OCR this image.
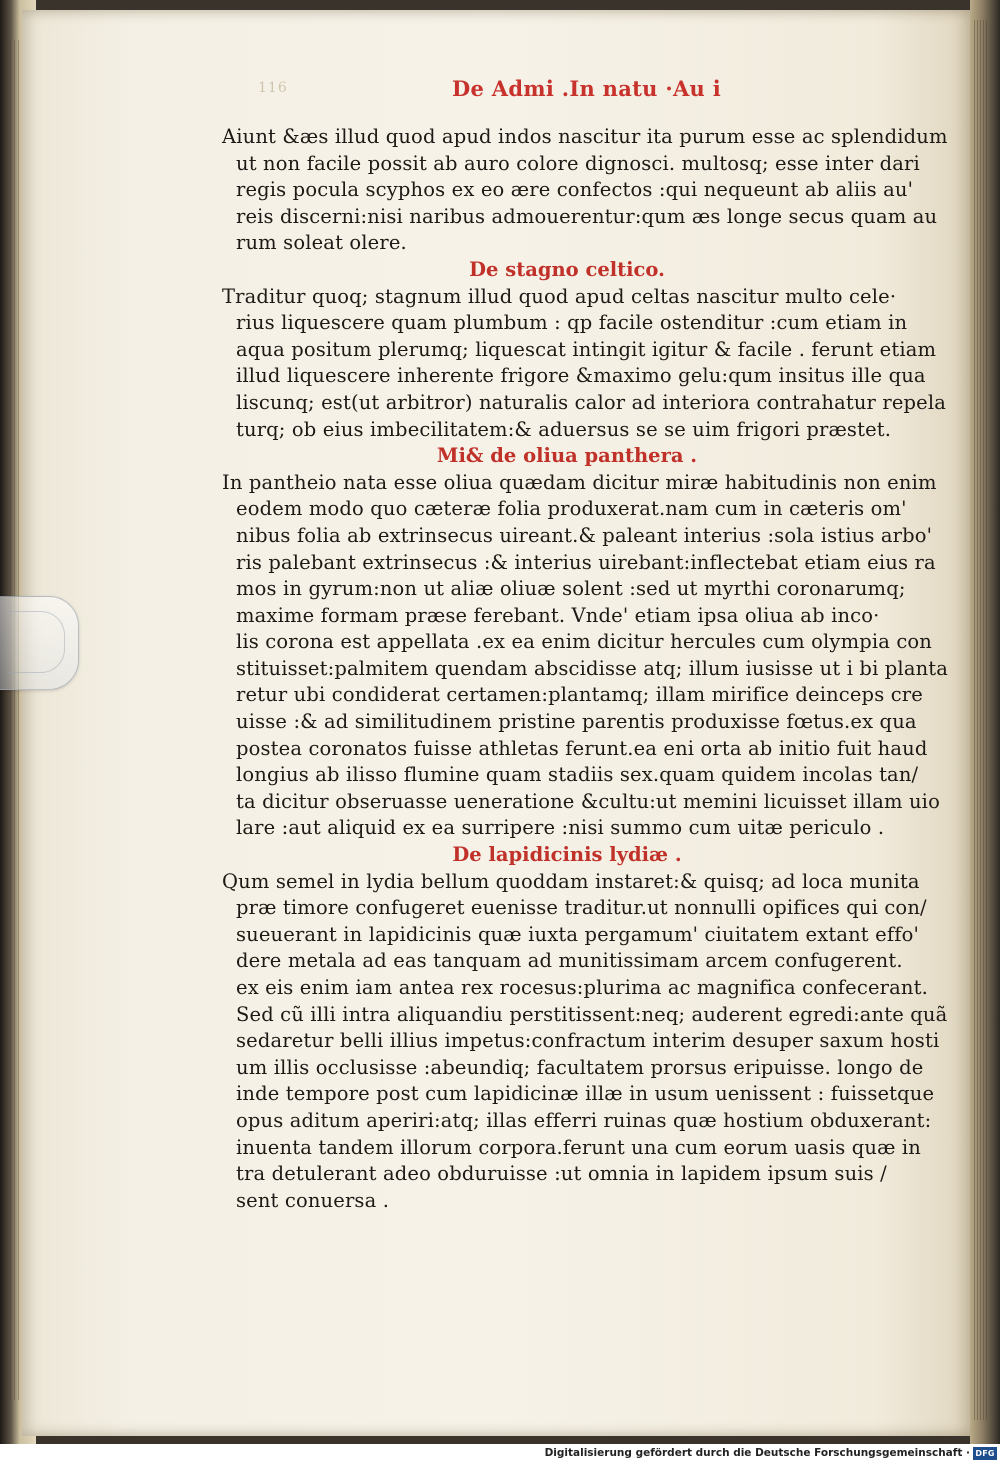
116	De Admi .In natu ·Au i
Aiunt &æs illud quod apud indos nascitur ita purum esse ac splendidum
ut non facile possit ab auro colore dignosci. multosq; esse inter dari
regis pocula scyphos ex eo ære confectos :qui nequeunt ab aliis au'
reis discerni:nisi naribus admouerentur:qum æs longe secus quam au
rum soleat olere.
De stagno celtico.
Traditur quoq; stagnum illud quod apud celtas nascitur multo cele·
rius liquescere quam plumbum : qp facile ostenditur :cum etiam in
aqua positum plerumq; liquescat intingit igitur & facile . ferunt etiam
illud liquescere inherente frigore &maximo gelu:qum insitus ille qua
liscunq; est(ut arbitror) naturalis calor ad interiora contrahatur repela
turq; ob eius imbecilitatem:& aduersus se se uim frigori præstet.
Mi& de oliua panthera .
In pantheio nata esse oliua quædam dicitur miræ habitudinis non enim
eodem modo quo cæteræ folia produxerat.nam cum in cæteris om'
nibus folia ab extrinsecus uireant.& paleant interius :sola istius arbo'
ris palebant extrinsecus :& interius uirebant:inflectebat etiam eius ra
mos in gyrum:non ut aliæ oliuæ solent :sed ut myrthi coronarumq;
maxime formam præse ferebant. Vnde' etiam ipsa oliua ab inco·
lis corona est appellata .ex ea enim dicitur hercules cum olympia con
stituisset:palmitem quendam abscidisse atq; illum iusisse ut i bi planta
retur ubi condiderat certamen:plantamq; illam mirifice deinceps cre
uisse :& ad similitudinem pristine parentis produxisse fœtus.ex qua
postea coronatos fuisse athletas ferunt.ea eni orta ab initio fuit haud
longius ab ilisso flumine quam stadiis sex.quam quidem incolas tan/
ta dicitur obseruasse ueneratione &cultu:ut memini licuisset illam uio
lare :aut aliquid ex ea surripere :nisi summo cum uitæ periculo .
De lapidicinis lydiæ .
Qum semel in lydia bellum quoddam instaret:& quisq; ad loca munita
præ timore confugeret euenisse traditur.ut nonnulli opifices qui con/
sueuerant in lapidicinis quæ iuxta pergamum' ciuitatem extant effo'
dere metala ad eas tanquam ad munitissimam arcem confugerent.
ex eis enim iam antea rex rocesus:plurima ac magnifica confecerant.
Sed cũ illi intra aliquandiu perstitissent:neq; auderent egredi:ante quã
sedaretur belli illius impetus:confractum interim desuper saxum hosti
um illis occlusisse :abeundiq; facultatem prorsus eripuisse. longo de
inde tempore post cum lapidicinæ illæ in usum uenissent : fuissetque
opus aditum aperiri:atq; illas efferri ruinas quæ hostium obduxerant:
inuenta tandem illorum corpora.ferunt una cum eorum uasis quæ in
tra detulerant adeo obduruisse :ut omnia in lapidem ipsum suis /
sent conuersa .
Digitalisierung gefördert durch die Deutsche Forschungsgemeinschaft · DFG
